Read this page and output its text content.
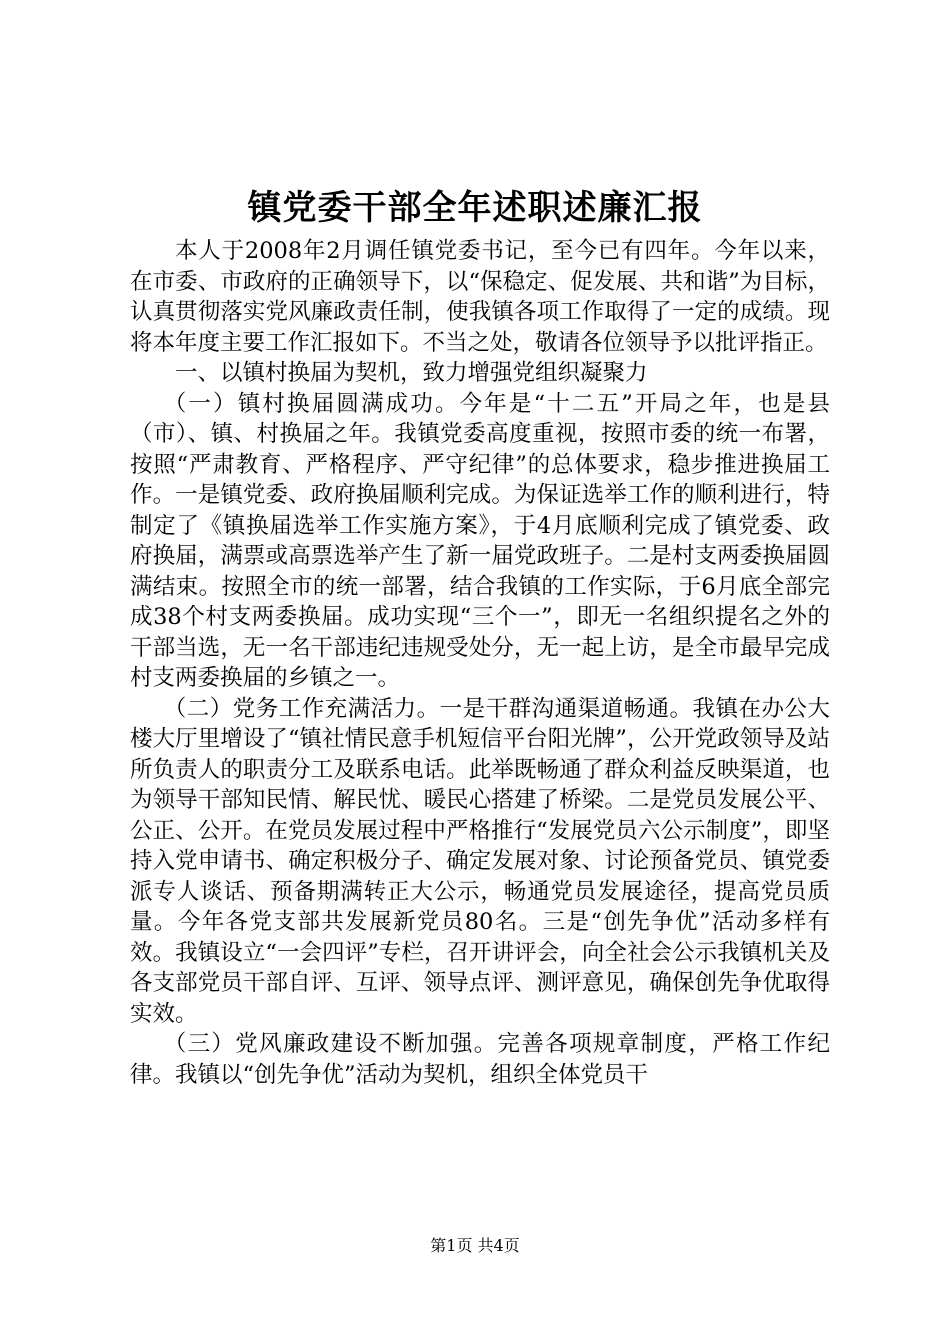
镇党委干部全年述职述廉汇报

本人于2008年2月调任镇党委书记，至今已有四年。今年以来，在市委、市政府的正确领导下，以“保稳定、促发展、共和谐”为目标，认真贯彻落实党风廉政责任制，使我镇各项工作取得了一定的成绩。现将本年度主要工作汇报如下。不当之处，敬请各位领导予以批评指正。

一、以镇村换届为契机，致力增强党组织凝聚力

（一）镇村换届圆满成功。今年是“十二五”开局之年，也是县（市）、镇、村换届之年。我镇党委高度重视，按照市委的统一布署，按照“严肃教育、严格程序、严守纪律”的总体要求，稳步推进换届工作。一是镇党委、政府换届顺利完成。为保证选举工作的顺利进行，特制定了《镇换届选举工作实施方案》，于4月底顺利完成了镇党委、政府换届，满票或高票选举产生了新一届党政班子。二是村支两委换届圆满结束。按照全市的统一部署，结合我镇的工作实际，于6月底全部完成38个村支两委换届。成功实现“三个一”，即无一名组织提名之外的干部当选，无一名干部违纪违规受处分，无一起上访，是全市最早完成村支两委换届的乡镇之一。

（二）党务工作充满活力。一是干群沟通渠道畅通。我镇在办公大楼大厅里增设了“镇社情民意手机短信平台阳光牌”，公开党政领导及站所负责人的职责分工及联系电话。此举既畅通了群众利益反映渠道，也为领导干部知民情、解民忧、暖民心搭建了桥梁。二是党员发展公平、公正、公开。在党员发展过程中严格推行“发展党员六公示制度”，即坚持入党申请书、确定积极分子、确定发展对象、讨论预备党员、镇党委派专人谈话、预备期满转正大公示，畅通党员发展途径，提高党员质量。今年各党支部共发展新党员80名。三是“创先争优”活动多样有效。我镇设立“一会四评”专栏，召开讲评会，向全社会公示我镇机关及各支部党员干部自评、互评、领导点评、测评意见，确保创先争优取得实效。

（三）党风廉政建设不断加强。完善各项规章制度，严格工作纪律。我镇以“创先争优”活动为契机，组织全体党员干

第1页 共4页
